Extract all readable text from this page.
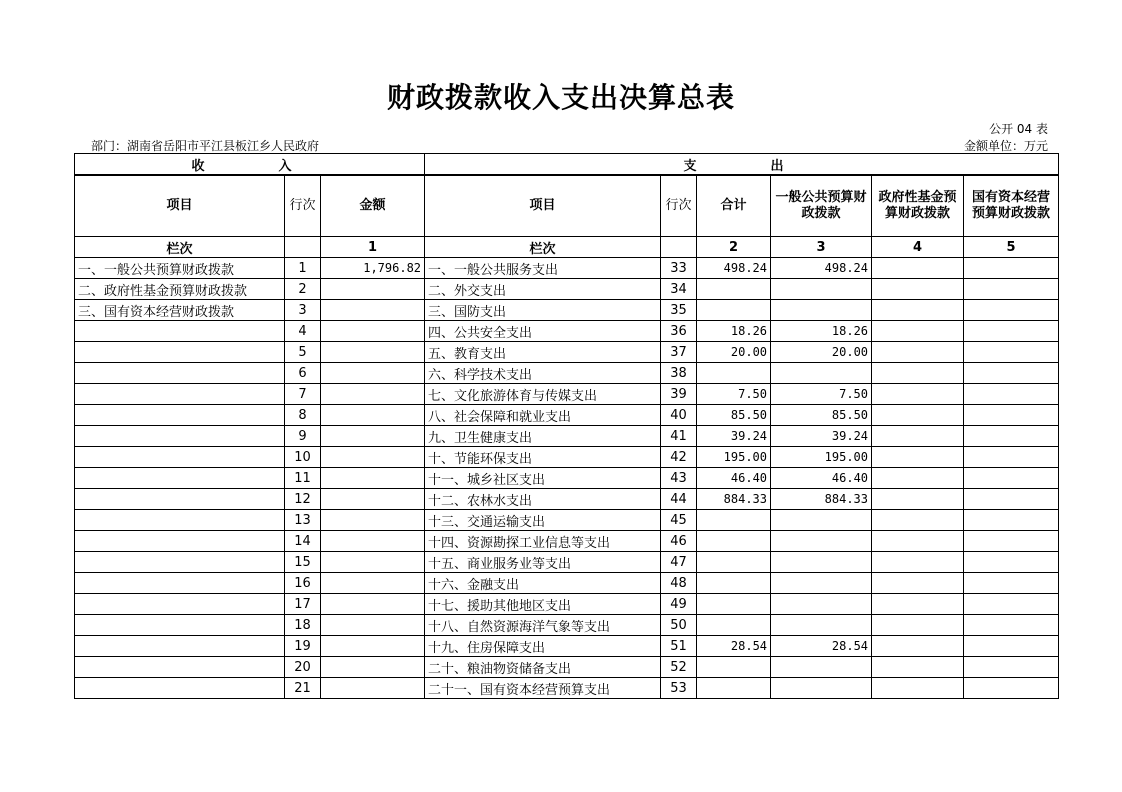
财政拨款收入支出决算总表
公开 04 表
部门：湖南省岳阳市平江县板江乡人民政府	金额单位：万元
收　　入			支　　出					
项目	行次	金额	项目	行次	合计	一般公共预算财政拨款	政府性基金预算财政拨款	国有资本经营预算财政拨款
栏次		1	栏次		2	3	4	5
一、一般公共预算财政拨款	1	1,796.82	一、一般公共服务支出	33	498.24	498.24		
二、政府性基金预算财政拨款	2		二、外交支出	34				
三、国有资本经营财政拨款	3		三、国防支出	35				
	4		四、公共安全支出	36	18.26	18.26		
	5		五、教育支出	37	20.00	20.00		
	6		六、科学技术支出	38				
	7		七、文化旅游体育与传媒支出	39	7.50	7.50		
	8		八、社会保障和就业支出	40	85.50	85.50		
	9		九、卫生健康支出	41	39.24	39.24		
	10		十、节能环保支出	42	195.00	195.00		
	11		十一、城乡社区支出	43	46.40	46.40		
	12		十二、农林水支出	44	884.33	884.33		
	13		十三、交通运输支出	45				
	14		十四、资源勘探工业信息等支出	46				
	15		十五、商业服务业等支出	47				
	16		十六、金融支出	48				
	17		十七、援助其他地区支出	49				
	18		十八、自然资源海洋气象等支出	50				
	19		十九、住房保障支出	51	28.54	28.54		
	20		二十、粮油物资储备支出	52				
	21		二十一、国有资本经营预算支出	53				
